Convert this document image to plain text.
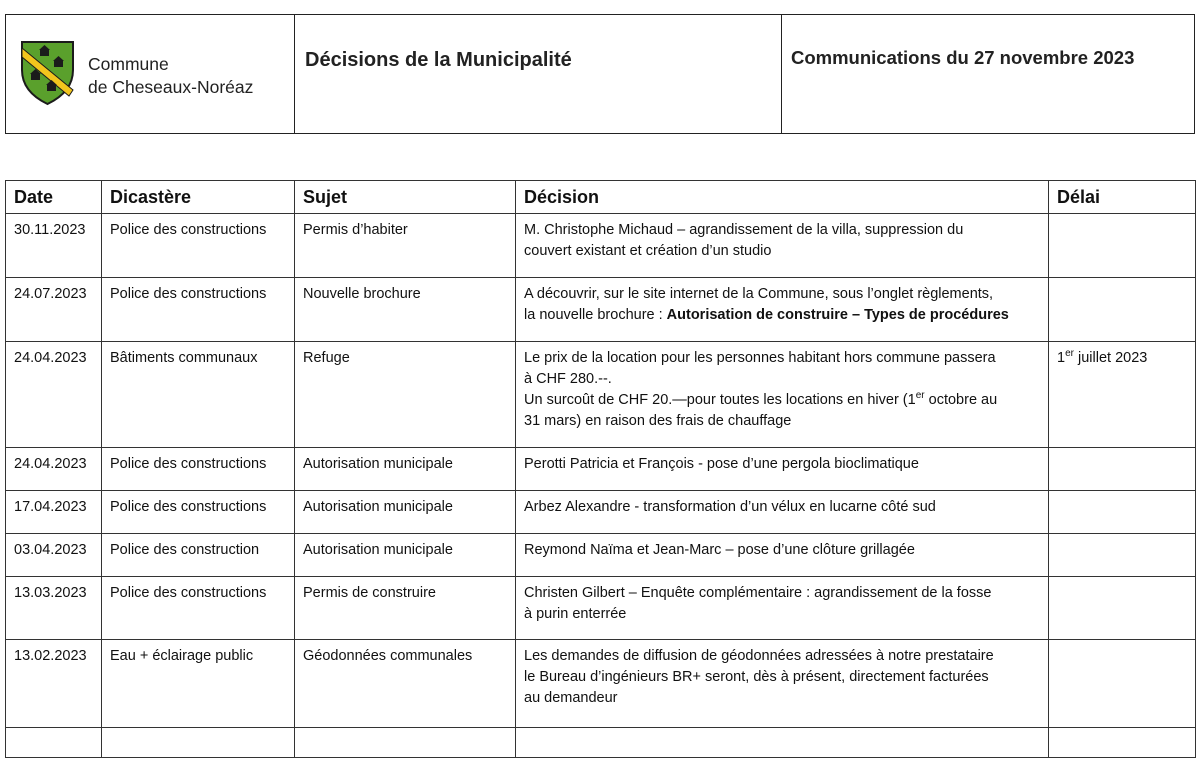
Commune
de Cheseaux-Noréaz
Décisions de la Municipalité	Communications du 27 novembre 2023
Date	Dicastère	Sujet	Décision	Délai
30.11.2023	Police des constructions	Permis d’habiter	M. Christophe Michaud – agrandissement de la villa, suppression du
couvert existant et création d’un studio	

24.07.2023	Police des constructions	Nouvelle brochure	A découvrir, sur le site internet de la Commune, sous l’onglet règlements,
la nouvelle brochure : Autorisation de construire – Types de procédures	

24.04.2023	Bâtiments communaux	Refuge	Le prix de la location pour les personnes habitant hors commune passera
à CHF 280.--.
Un surcoût de CHF 20.—pour toutes les locations en hiver (1er octobre au
31 mars) en raison des frais de chauffage	1er juillet 2023
24.04.2023	Police des constructions	Autorisation municipale	Perotti Patricia et François - pose d’une pergola bioclimatique	

17.04.2023	Police des constructions	Autorisation municipale	Arbez Alexandre - transformation d’un vélux en lucarne côté sud	

03.04.2023	Police des construction	Autorisation municipale	Reymond Naïma et Jean-Marc – pose d’une clôture grillagée	

13.03.2023	Police des constructions	Permis de construire	Christen Gilbert – Enquête complémentaire : agrandissement de la fosse
à purin enterrée	

13.02.2023	Eau + éclairage public	Géodonnées communales	Les demandes de diffusion de géodonnées adressées à notre prestataire
le Bureau d’ingénieurs BR+ seront, dès à présent, directement facturées
au demandeur	
